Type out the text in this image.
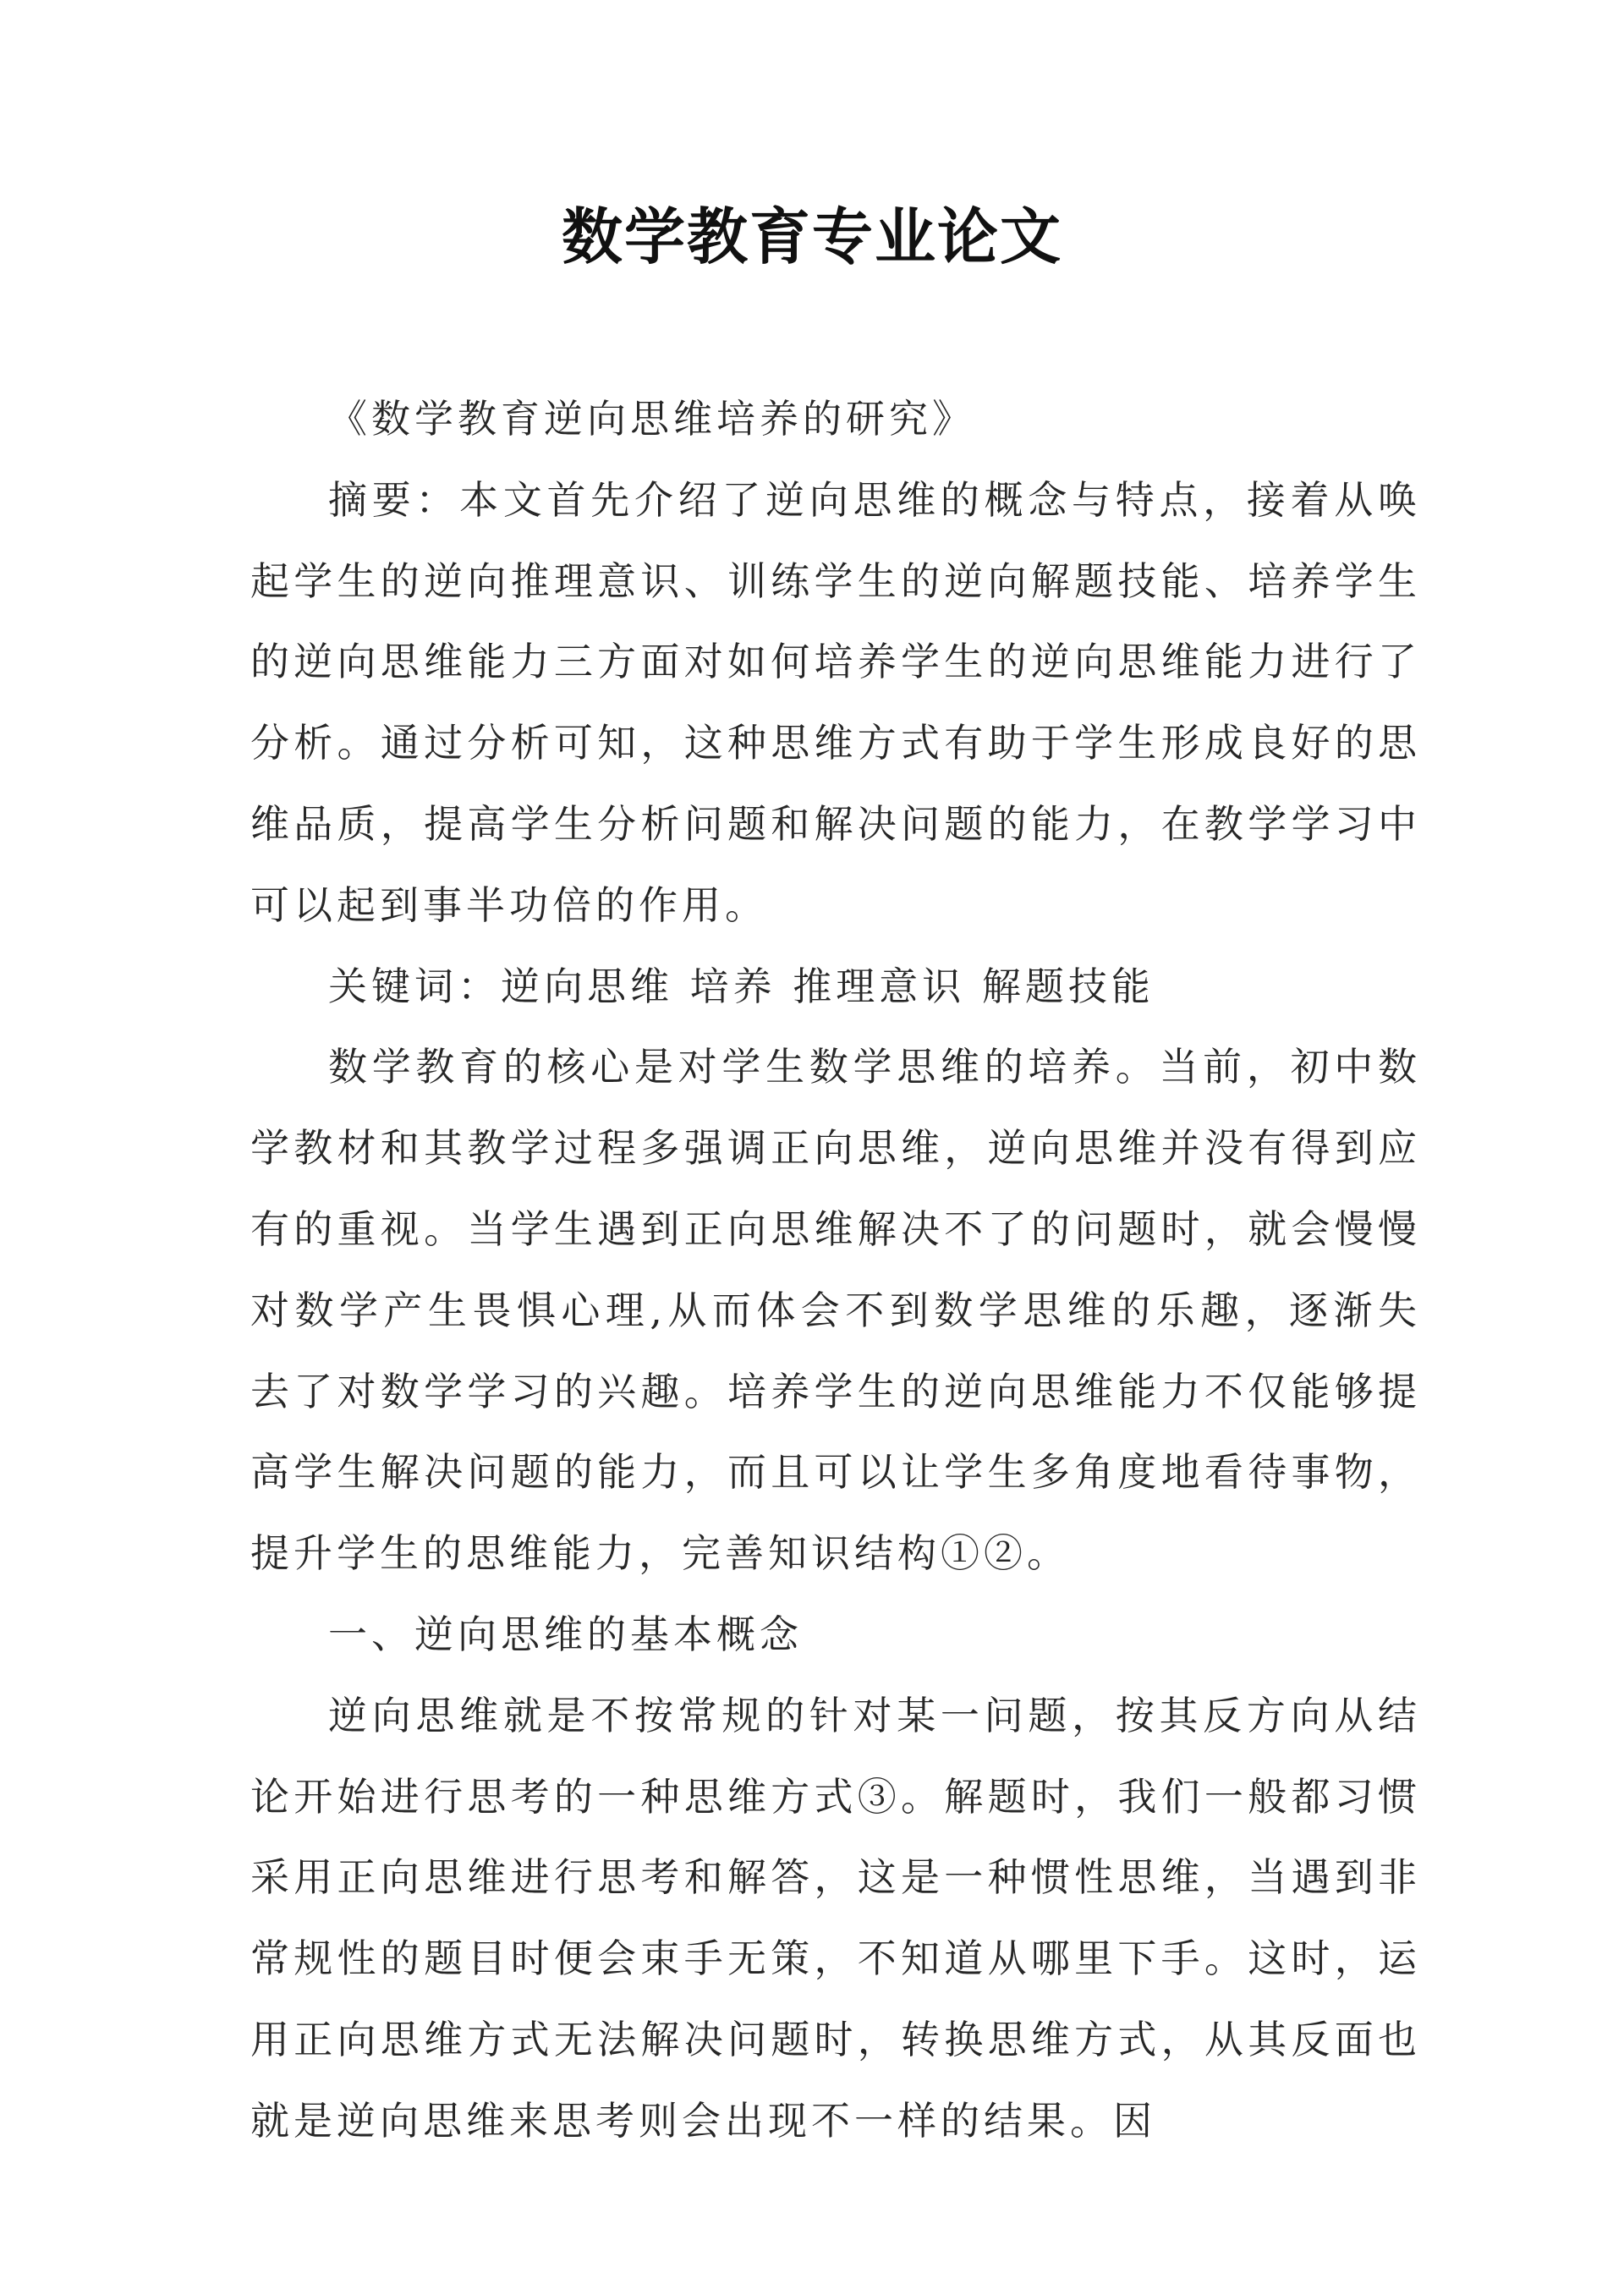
数学教育专业论文

《数学教育逆向思维培养的研究》

摘要：本文首先介绍了逆向思维的概念与特点，接着从唤起学生的逆向推理意识、训练学生的逆向解题技能、培养学生的逆向思维能力三方面对如何培养学生的逆向思维能力进行了分析。通过分析可知，这种思维方式有助于学生形成良好的思维品质，提高学生分析问题和解决问题的能力，在教学学习中可以起到事半功倍的作用。

关键词：逆向思维 培养 推理意识 解题技能

数学教育的核心是对学生数学思维的培养。当前，初中数学教材和其教学过程多强调正向思维，逆向思维并没有得到应有的重视。当学生遇到正向思维解决不了的问题时，就会慢慢对数学产生畏惧心理,从而体会不到数学思维的乐趣，逐渐失去了对数学学习的兴趣。培养学生的逆向思维能力不仅能够提高学生解决问题的能力，而且可以让学生多角度地看待事物，提升学生的思维能力，完善知识结构①②。

一、逆向思维的基本概念

逆向思维就是不按常规的针对某一问题，按其反方向从结论开始进行思考的一种思维方式③。解题时，我们一般都习惯采用正向思维进行思考和解答，这是一种惯性思维，当遇到非常规性的题目时便会束手无策，不知道从哪里下手。这时，运用正向思维方式无法解决问题时，转换思维方式，从其反面也就是逆向思维来思考则会出现不一样的结果。因
